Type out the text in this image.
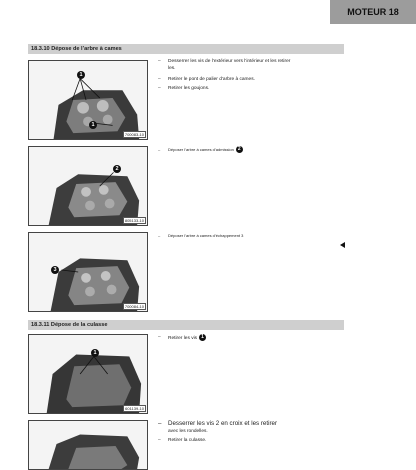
MOTEUR 18
18.3.10 Dépose de l’arbre à cames
1
1
700083-10
–	Desserrer les vis de l’extérieur vers l’intérieur et les retirer
les.
–	Retirer le pont de palier d’arbre à cames.
–	Retirer les goujons.
2
805133-10
–	Déposer l’arbre à cames d’admission 2
3
700084-10
–	Déposer l’arbre à cames d’échappement 3
18.3.11 Dépose de la culasse
1
601139-10
–	Retirer les vis 1
–	Desserrer les vis 2 en croix et les retirer
avec les rondelles.
–	Retirer la culasse.
